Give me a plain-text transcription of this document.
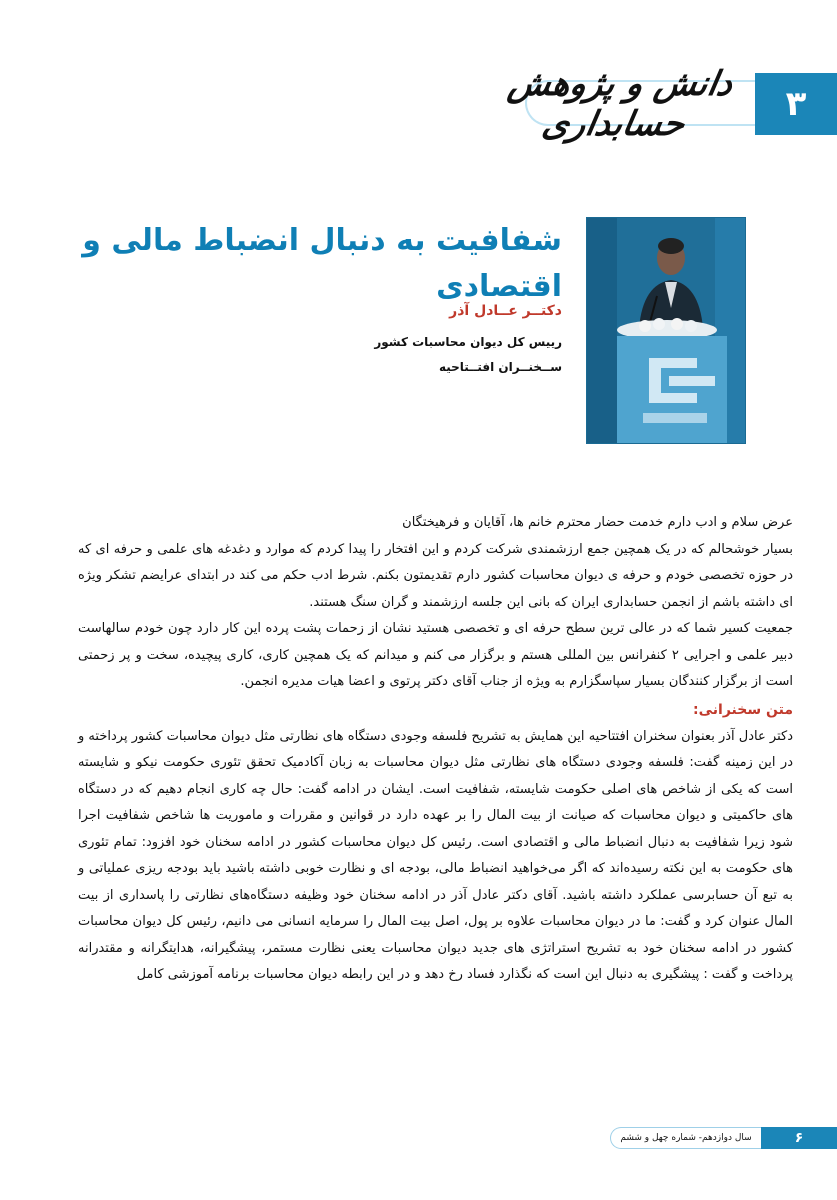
دانش و پژوهش حسابداری	۳
شفافیت به دنبال انضباط مالی و اقتصادی

دکتــر عــادل آذر

رییس کل دیوان محاسبات کشور

ســخنــران افتــتاحیه

عرض سلام و ادب دارم خدمت حضار محترم خانم ها، آقایان و فرهیختگان

بسیار خوشحالم که در یک همچین جمع ارزشمندی شرکت کردم و این افتخار را پیدا کردم که موارد و دغدغه های علمی و حرفه ای که در حوزه تخصصی خودم و حرفه ی دیوان محاسبات کشور دارم تقدیمتون بکنم. شرط ادب حکم می کند در ابتدای عرایضم تشکر ویژه ای داشته باشم از انجمن حسابداری ایران که بانی این جلسه ارزشمند و گران سنگ هستند.

جمعیت کسیر شما که در عالی ترین سطح حرفه ای و تخصصی هستید نشان از زحمات پشت پرده این کار دارد چون خودم سالهاست دبیر علمی و اجرایی ۲ کنفرانس بین المللی هستم و برگزار می کنم و میدانم که یک همچین کاری، کاری پیچیده، سخت و پر زحمتی است از برگزار کنندگان بسیار سپاسگزارم به ویژه از جناب آقای دکتر پرتوی و اعضا هیات مدیره انجمن.

متن سخنرانی:

دکتر عادل آذر بعنوان سخنران افتتاحیه این همایش به تشریح فلسفه وجودی دستگاه های نظارتی مثل دیوان محاسبات کشور پرداخته و در این زمینه گفت: فلسفه وجودی دستگاه های نظارتی مثل دیوان محاسبات به زبان آکادمیک تحقق تئوری حکومت نیکو و شایسته است که یکی از شاخص های اصلی حکومت شایسته، شفافیت است. ایشان در ادامه گفت: حال چه کاری انجام دهیم که در دستگاه های حاکمیتی و دیوان محاسبات که صیانت از بیت المال را بر عهده دارد در قوانین و مقررات و ماموریت ها شاخص شفافیت اجرا شود زیرا شفافیت به دنبال انضباط مالی و اقتصادی است. رئیس کل دیوان محاسبات کشور در ادامه سخنان خود افزود: تمام تئوری های حکومت به این نکته رسیده‌اند که اگر می‌خواهید انضباط مالی، بودجه ای و نظارت خوبی داشته باشید باید بودجه ریزی عملیاتی و به تبع آن حسابرسی عملکرد داشته باشید. آقای دکتر عادل آذر در ادامه سخنان خود وظیفه دستگاه‌های نظارتی را پاسداری از بیت المال عنوان کرد و گفت: ما در دیوان محاسبات علاوه بر پول، اصل بیت المال را سرمایه انسانی می دانیم، رئیس کل دیوان محاسبات کشور در ادامه سخنان خود به تشریح استراتژی های جدید دیوان محاسبات یعنی نظارت مستمر، پیشگیرانه، هدایتگرانه و مقتدرانه پرداخت و گفت : پیشگیری به دنبال این است که نگذارد فساد رخ دهد و در این رابطه دیوان محاسبات برنامه آموزشی کامل

سال دوازدهم- شماره چهل و ششم	۶
